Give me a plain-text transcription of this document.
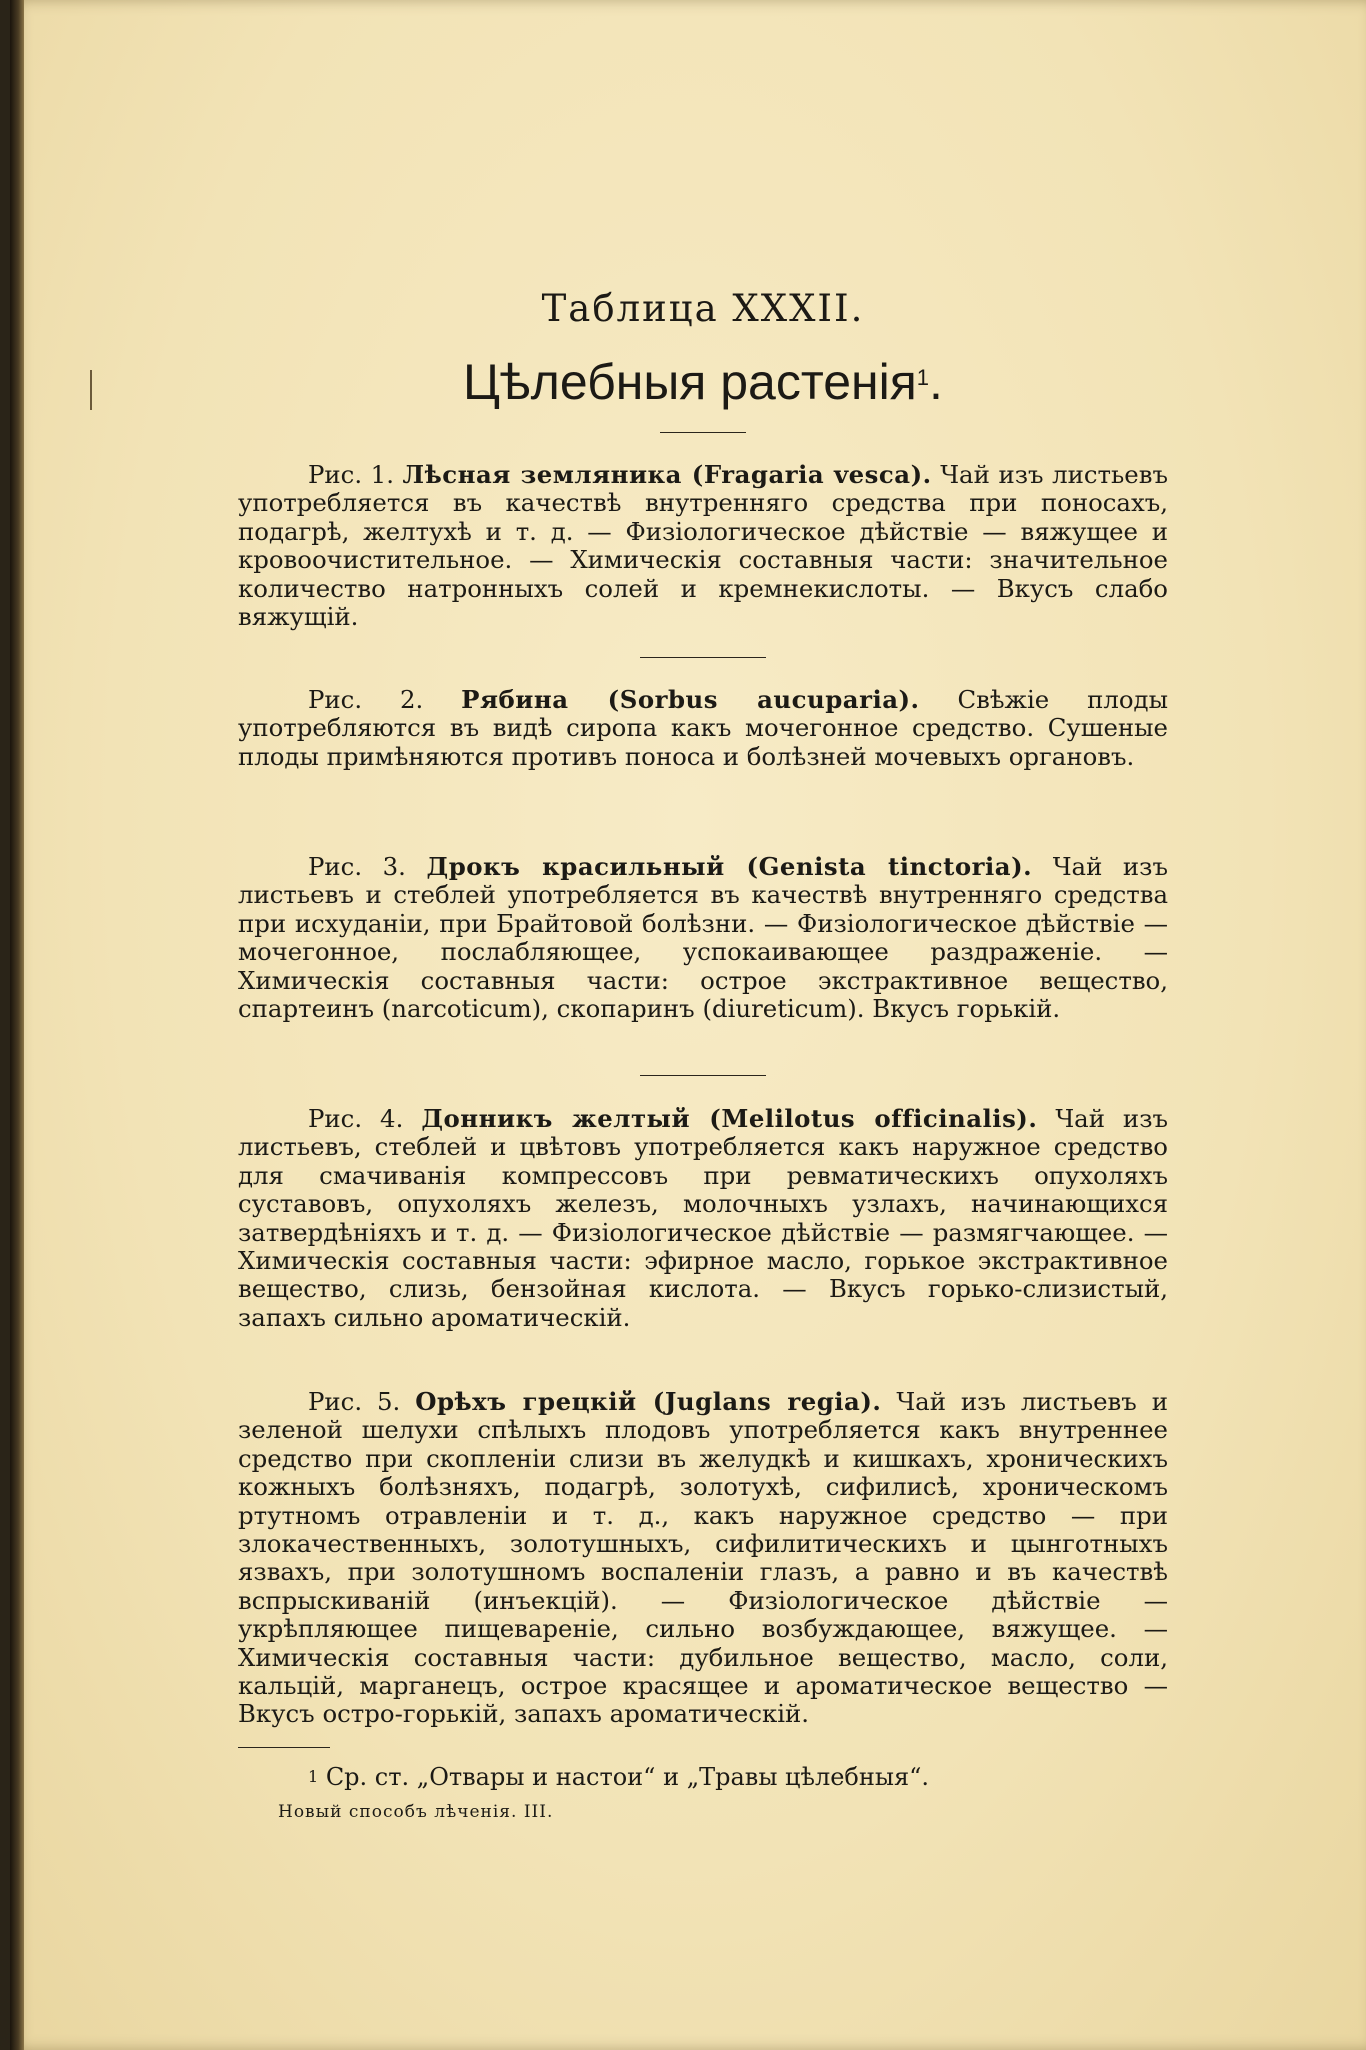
Таблица XXXII.
Цѣлебныя растенія$^1$.
Рис. 1. Лѣсная земляника (Fragaria vesca). Чай изъ листьевъ употребляется въ качествѣ внутренняго средства при поносахъ, подагрѣ, желтухѣ и т. д. — Физiологическое дѣйствіе — вяжущее и кровоочистительное. — Химическія составныя части: значительное количество натронныхъ солей и кремнекислоты. — Вкусъ слабо вяжущій.
Рис. 2. Рябина (Sorbus aucuparia). Свѣжіе плоды употребляются въ видѣ сиропа какъ мочегонное средство. Сушеные плоды примѣняются противъ поноса и болѣзней мочевыхъ органовъ.
Рис. 3. Дрокъ красильный (Genista tinctoria). Чай изъ листьевъ и стеблей употребляется въ качествѣ внутренняго средства при исхуданіи, при Брайтовой болѣзни. — Физiологическое дѣйствіе — мочегонное, послабляющее, успокаивающее раздраженіе. — Химическія составныя части: острое экстрактивное вещество, спартеинъ (narcoticum), скопаринъ (diureticum). Вкусъ горькій.
Рис. 4. Донникъ желтый (Melilotus officinalis). Чай изъ листьевъ, стеблей и цвѣтовъ употребляется какъ наружное средство для смачиванія компрессовъ при ревматическихъ опухоляхъ суставовъ, опухоляхъ железъ, молочныхъ узлахъ, начинающихся затвердѣніяхъ и т. д. — Физiологическое дѣйствіе — размягчающее. — Химическія составныя части: эфирное масло, горькое экстрактивное вещество, слизь, бензойная кислота. — Вкусъ горько-слизистый, запахъ сильно ароматическій.
Рис. 5. Орѣхъ грецкій (Juglans regia). Чай изъ листьевъ и зеленой шелухи спѣлыхъ плодовъ употребляется какъ внутреннее средство при скопленіи слизи въ желудкѣ и кишкахъ, хроническихъ кожныхъ болѣзняхъ, подагрѣ, золотухѣ, сифилисѣ, хроническомъ ртутномъ отравленіи и т. д., какъ наружное средство — при злокачественныхъ, золотушныхъ, сифилитическихъ и цынготныхъ язвахъ, при золотушномъ воспаленіи глазъ, а равно и въ качествѣ вспрыскиваній (инъекцій). — Физiологическое дѣйствіе — укрѣпляющее пищевареніе, сильно возбуждающее, вяжущее. — Химическія составныя части: дубильное вещество, масло, соли, кальцій, марганецъ, острое красящее и ароматическое вещество — Вкусъ остро-горькій, запахъ ароматическій.
$^1$ Ср. ст. „Отвары и настои“ и „Травы цѣлебныя“.
Новый способъ лѣченія. III.
